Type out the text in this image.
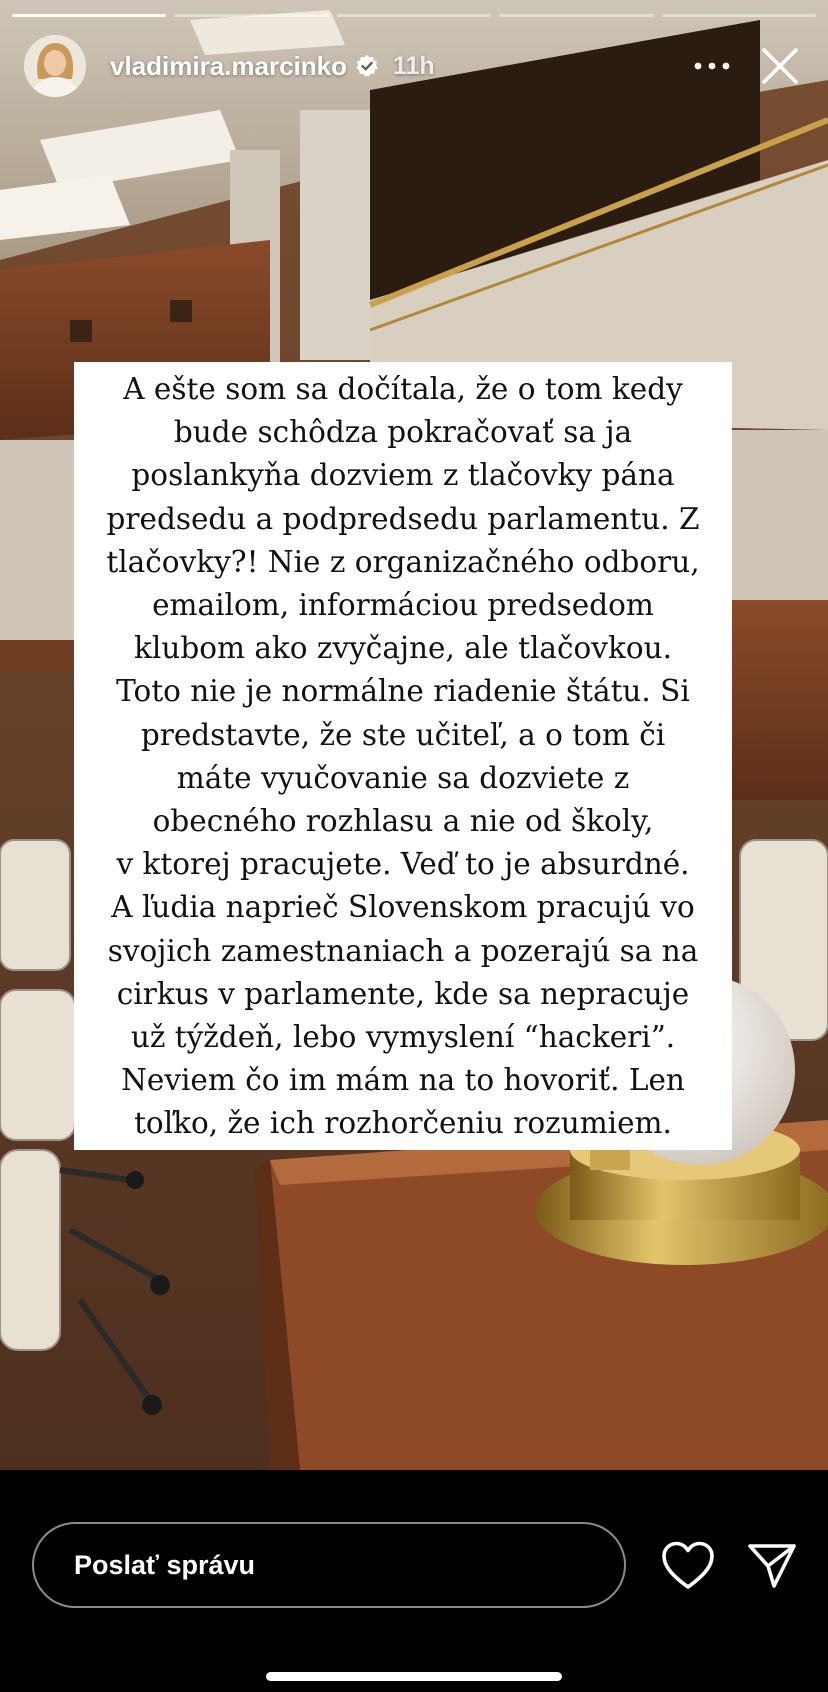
vladimira.marcinko 11h

A ešte som sa dočítala, že o tom kedy

bude schôdza pokračovať sa ja

poslankyňa dozviem z tlačovky pána

predsedu a podpredsedu parlamentu. Z

tlačovky?! Nie z organizačného odboru,

emailom, informáciou predsedom

klubom ako zvyčajne, ale tlačovkou.

Toto nie je normálne riadenie štátu. Si

predstavte, že ste učiteľ, a o tom či

máte vyučovanie sa dozviete z

obecného rozhlasu a nie od školy,

v ktorej pracujete. Veď to je absurdné.

A ľudia naprieč Slovenskom pracujú vo

svojich zamestnaniach a pozerajú sa na

cirkus v parlamente, kde sa nepracuje

už týždeň, lebo vymyslení “hackeri”.

Neviem čo im mám na to hovoriť. Len

toľko, že ich rozhorčeniu rozumiem.

Poslať správu
